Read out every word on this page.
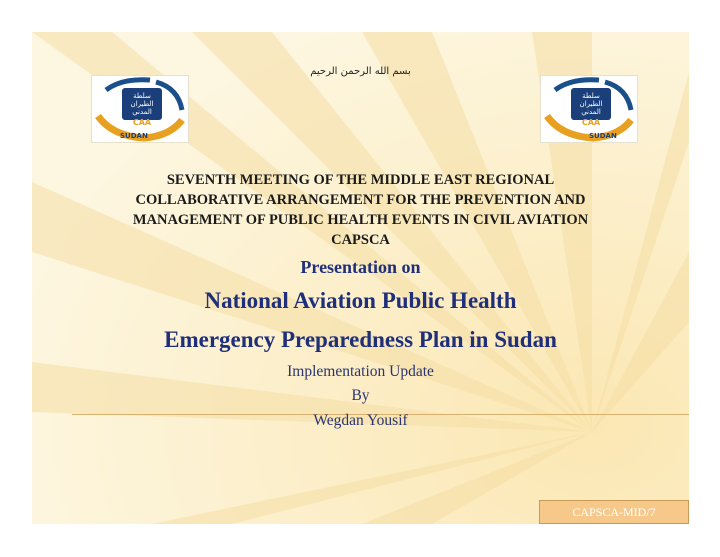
بسم الله الرحمن الرحيم
سلطة
الطيران
المدني
CAA
SUDAN
سلطة
الطيران
المدني
CAA
SUDAN
SEVENTH MEETING OF THE MIDDLE EAST REGIONAL
COLLABORATIVE ARRANGEMENT FOR THE PREVENTION AND
MANAGEMENT OF PUBLIC HEALTH EVENTS IN CIVIL AVIATION
CAPSCA
Presentation on
National Aviation Public Health
Emergency Preparedness Plan in Sudan
Implementation Update
By
Wegdan Yousif
CAPSCA-MID/7
